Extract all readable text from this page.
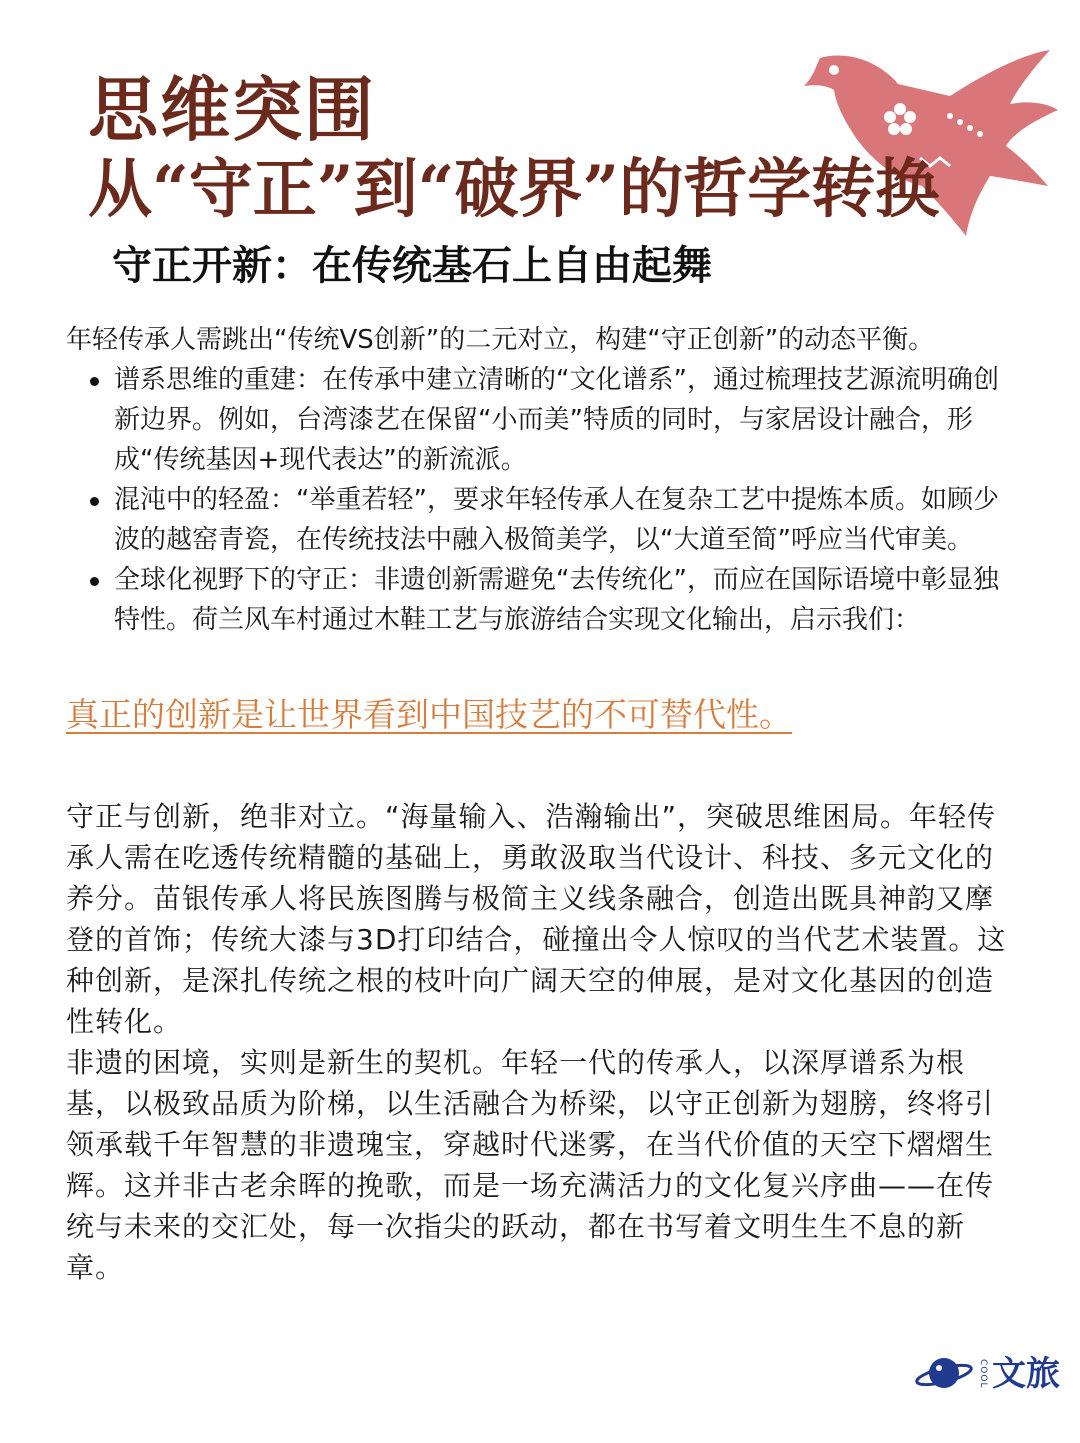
思维突围
从“守正”到“破界”的哲学转换
守正开新：在传统基石上自由起舞

年轻传承人需跳出“传统VS创新”的二元对立，构建“守正创新”的动态平衡。

谱系思维的重建：在传承中建立清晰的“文化谱系”，通过梳理技艺源流明确创新边界。例如，台湾漆艺在保留“小而美”特质的同时，与家居设计融合，形成“传统基因+现代表达”的新流派。
混沌中的轻盈：“举重若轻”，要求年轻传承人在复杂工艺中提炼本质。如顾少波的越窑青瓷，在传统技法中融入极简美学，以“大道至简”呼应当代审美。
全球化视野下的守正：非遗创新需避免“去传统化”，而应在国际语境中彰显独特性。荷兰风车村通过木鞋工艺与旅游结合实现文化输出，启示我们：

真正的创新是让世界看到中国技艺的不可替代性。

守正与创新，绝非对立。“海量输入、浩瀚输出”，突破思维困局。年轻传承人需在吃透传统精髓的基础上，勇敢汲取当代设计、科技、多元文化的养分。苗银传承人将民族图腾与极简主义线条融合，创造出既具神韵又摩登的首饰；传统大漆与3D打印结合，碰撞出令人惊叹的当代艺术装置。这种创新，是深扎传统之根的枝叶向广阔天空的伸展，是对文化基因的创造性转化。

非遗的困境，实则是新生的契机。年轻一代的传承人，以深厚谱系为根基，以极致品质为阶梯，以生活融合为桥梁，以守正创新为翅膀，终将引领承载千年智慧的非遗瑰宝，穿越时代迷雾，在当代价值的天空下熠熠生辉。这并非古老余晖的挽歌，而是一场充满活力的文化复兴序曲——在传统与未来的交汇处，每一次指尖的跃动，都在书写着文明生生不息的新章。

COOL 文旅
